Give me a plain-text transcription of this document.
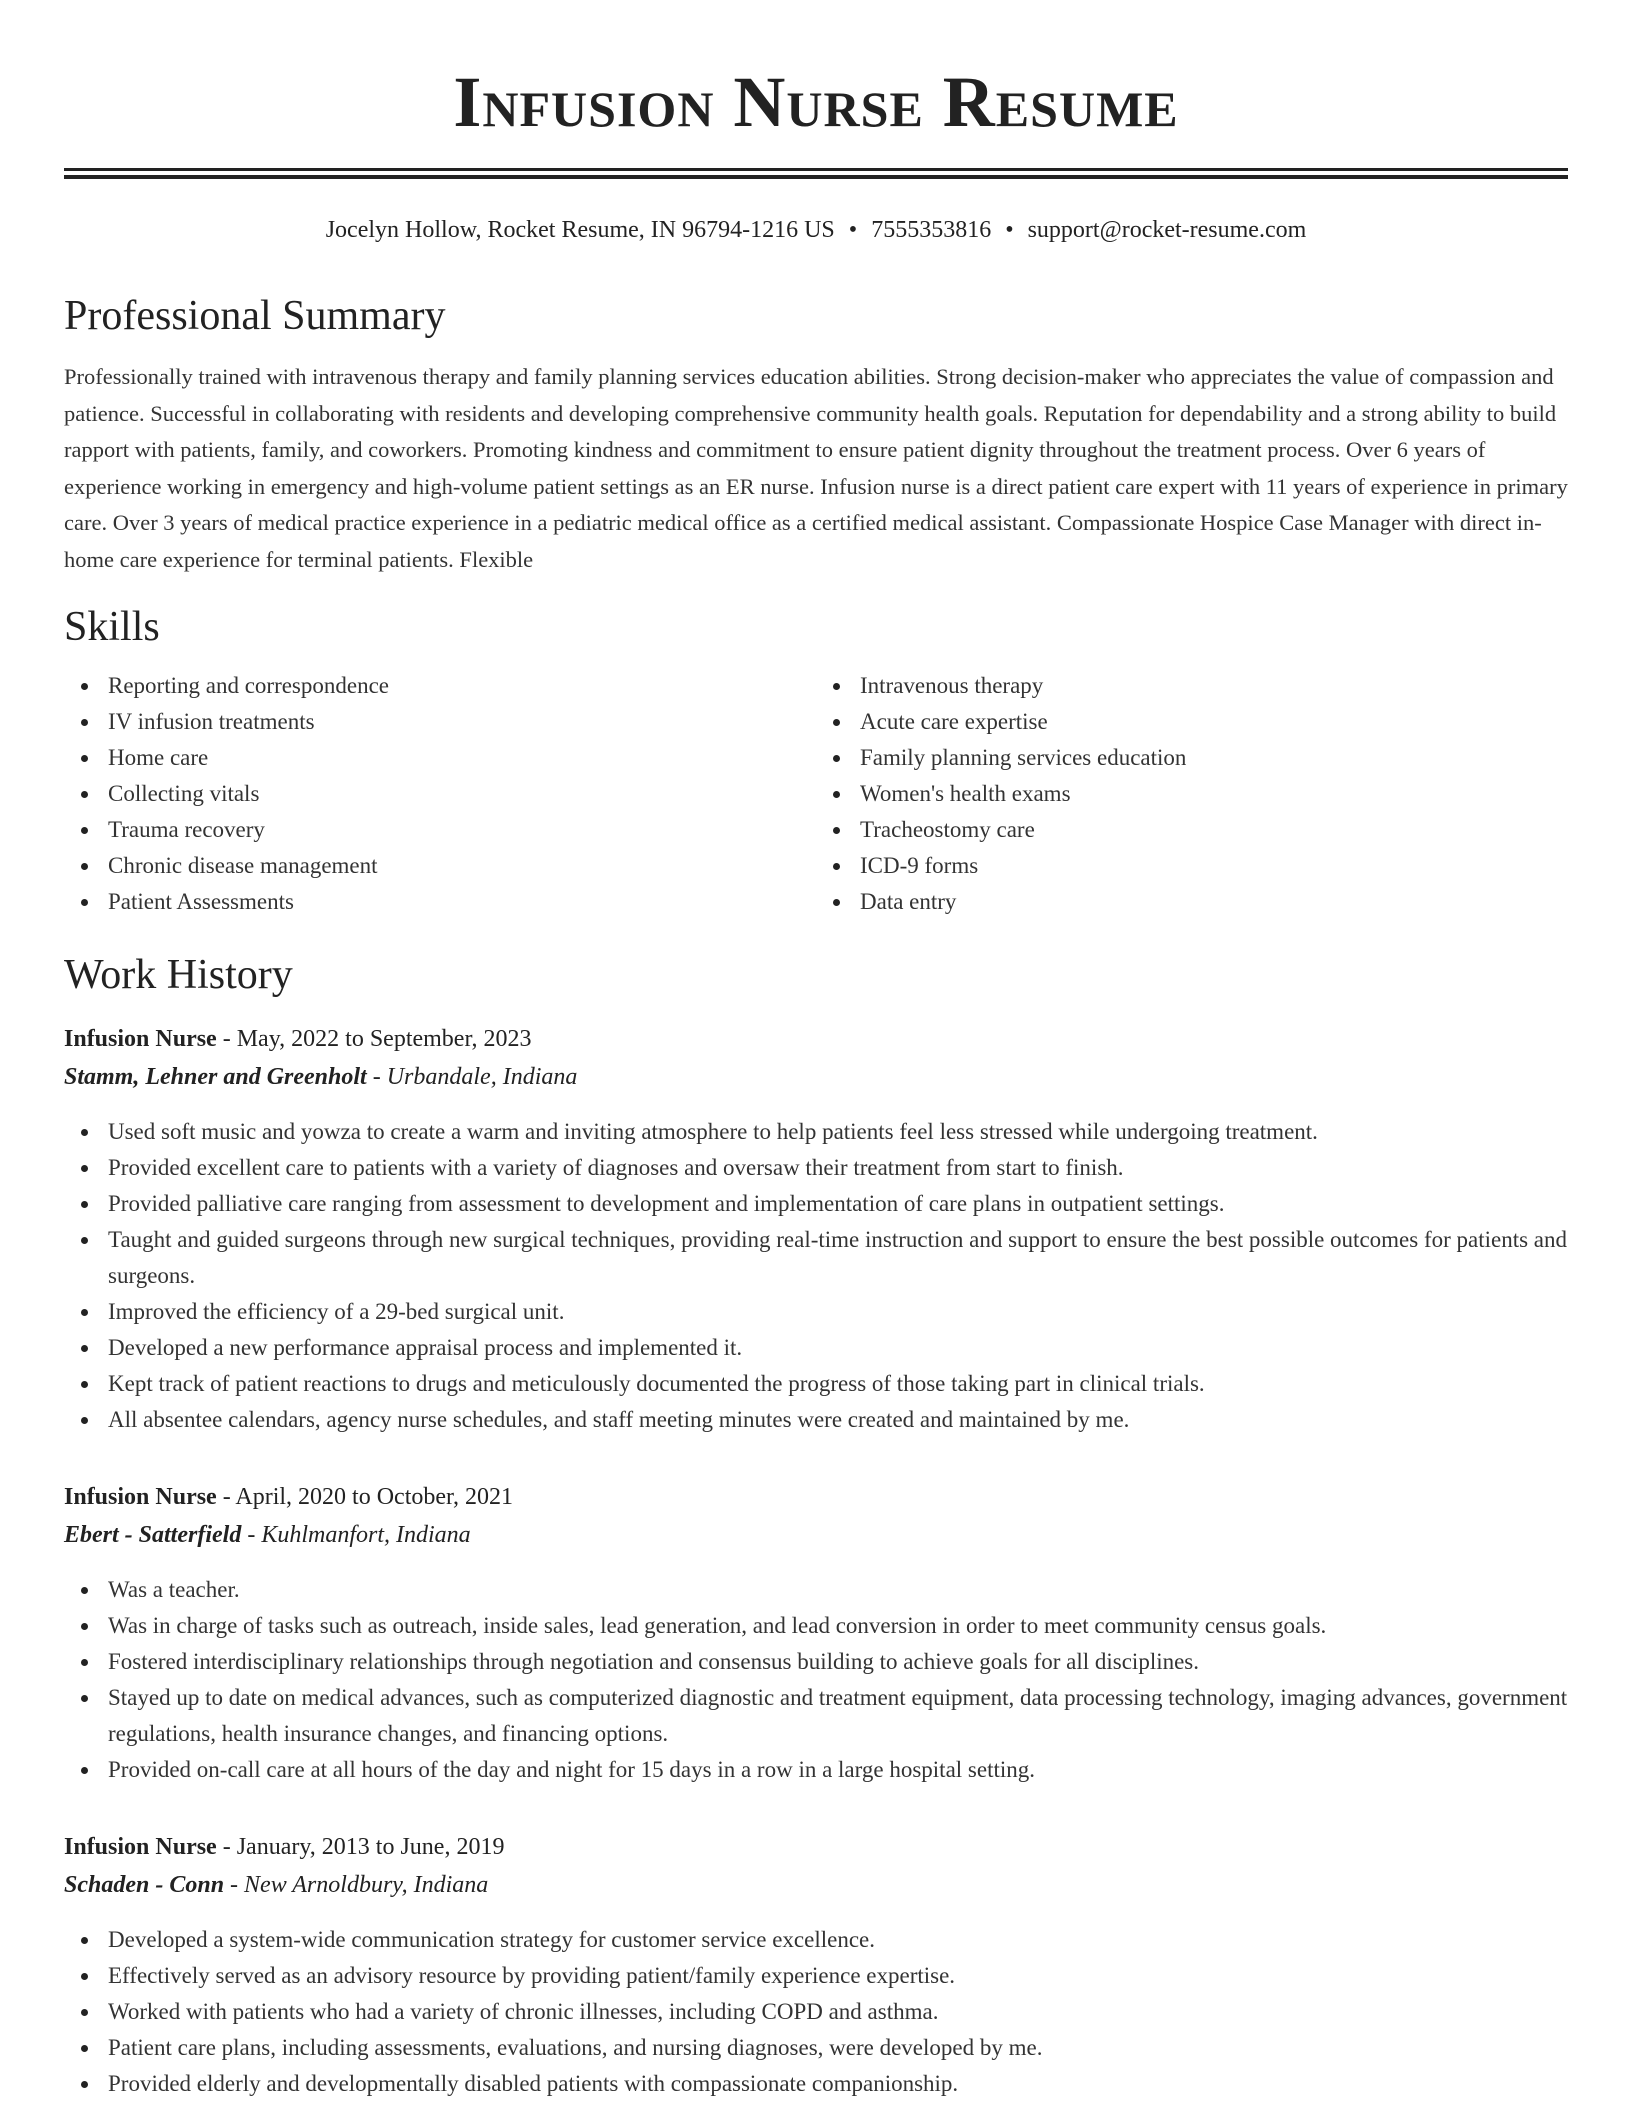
Infusion Nurse Resume
Jocelyn Hollow, Rocket Resume, IN 96794-1216 US • 7555353816 • support@rocket-resume.com
Professional Summary

Professionally trained with intravenous therapy and family planning services education abilities. Strong decision-maker who appreciates the value of compassion and patience. Successful in collaborating with residents and developing comprehensive community health goals. Reputation for dependability and a strong ability to build rapport with patients, family, and coworkers. Promoting kindness and commitment to ensure patient dignity throughout the treatment process. Over 6 years of experience working in emergency and high-volume patient settings as an ER nurse. Infusion nurse is a direct patient care expert with 11 years of experience in primary care. Over 3 years of medical practice experience in a pediatric medical office as a certified medical assistant. Compassionate Hospice Case Manager with direct in-home care experience for terminal patients. Flexible

Skills
Reporting and correspondence
IV infusion treatments
Home care
Collecting vitals
Trauma recovery
Chronic disease management
Patient Assessments
Intravenous therapy
Acute care expertise
Family planning services education
Women's health exams
Tracheostomy care
ICD-9 forms
Data entry
Work History
Infusion Nurse - May, 2022 to September, 2023
Stamm, Lehner and Greenholt - Urbandale, Indiana
Used soft music and yowza to create a warm and inviting atmosphere to help patients feel less stressed while undergoing treatment.
Provided excellent care to patients with a variety of diagnoses and oversaw their treatment from start to finish.
Provided palliative care ranging from assessment to development and implementation of care plans in outpatient settings.
Taught and guided surgeons through new surgical techniques, providing real-time instruction and support to ensure the best possible outcomes for patients and surgeons.
Improved the efficiency of a 29-bed surgical unit.
Developed a new performance appraisal process and implemented it.
Kept track of patient reactions to drugs and meticulously documented the progress of those taking part in clinical trials.
All absentee calendars, agency nurse schedules, and staff meeting minutes were created and maintained by me.
Infusion Nurse - April, 2020 to October, 2021
Ebert - Satterfield - Kuhlmanfort, Indiana
Was a teacher.
Was in charge of tasks such as outreach, inside sales, lead generation, and lead conversion in order to meet community census goals.
Fostered interdisciplinary relationships through negotiation and consensus building to achieve goals for all disciplines.
Stayed up to date on medical advances, such as computerized diagnostic and treatment equipment, data processing technology, imaging advances, government regulations, health insurance changes, and financing options.
Provided on-call care at all hours of the day and night for 15 days in a row in a large hospital setting.
Infusion Nurse - January, 2013 to June, 2019
Schaden - Conn - New Arnoldbury, Indiana
Developed a system-wide communication strategy for customer service excellence.
Effectively served as an advisory resource by providing patient/family experience expertise.
Worked with patients who had a variety of chronic illnesses, including COPD and asthma.
Patient care plans, including assessments, evaluations, and nursing diagnoses, were developed by me.
Provided elderly and developmentally disabled patients with compassionate companionship.
